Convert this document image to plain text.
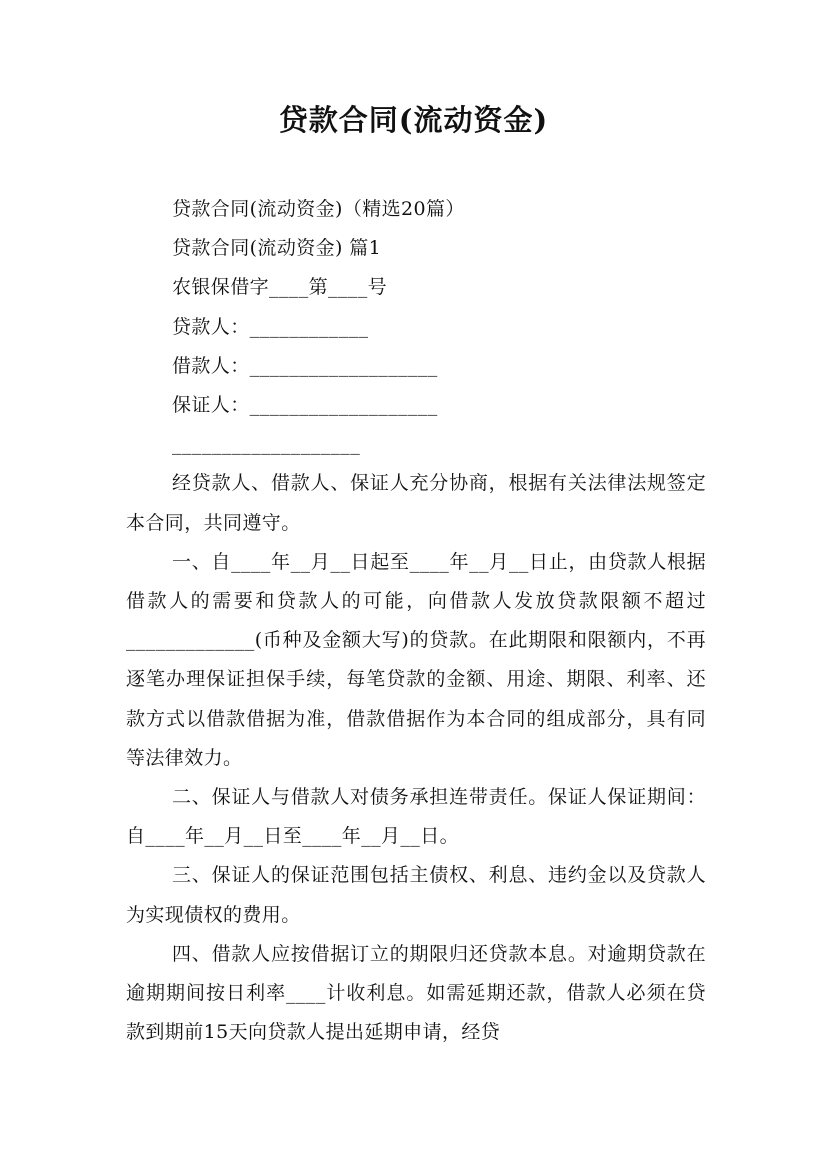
贷款合同(流动资金)
贷款合同(流动资金)（精选20篇）
贷款合同(流动资金) 篇1
农银保借字____第____号
贷款人：____________
借款人：___________________
保证人：___________________
___________________
经贷款人、借款人、保证人充分协商，根据有关法律法规签定本合同，共同遵守。
一、自____年__月__日起至____年__月__日止，由贷款人根据借款人的需要和贷款人的可能，向借款人发放贷款限额不超过_____________(币种及金额大写)的贷款。在此期限和限额内，不再逐笔办理保证担保手续，每笔贷款的金额、用途、期限、利率、还款方式以借款借据为准，借款借据作为本合同的组成部分，具有同等法律效力。
二、保证人与借款人对债务承担连带责任。保证人保证期间：自____年__月__日至____年__月__日。
三、保证人的保证范围包括主债权、利息、违约金以及贷款人为实现债权的费用。
四、借款人应按借据订立的期限归还贷款本息。对逾期贷款在逾期期间按日利率____计收利息。如需延期还款，借款人必须在贷款到期前15天向贷款人提出延期申请，经贷
